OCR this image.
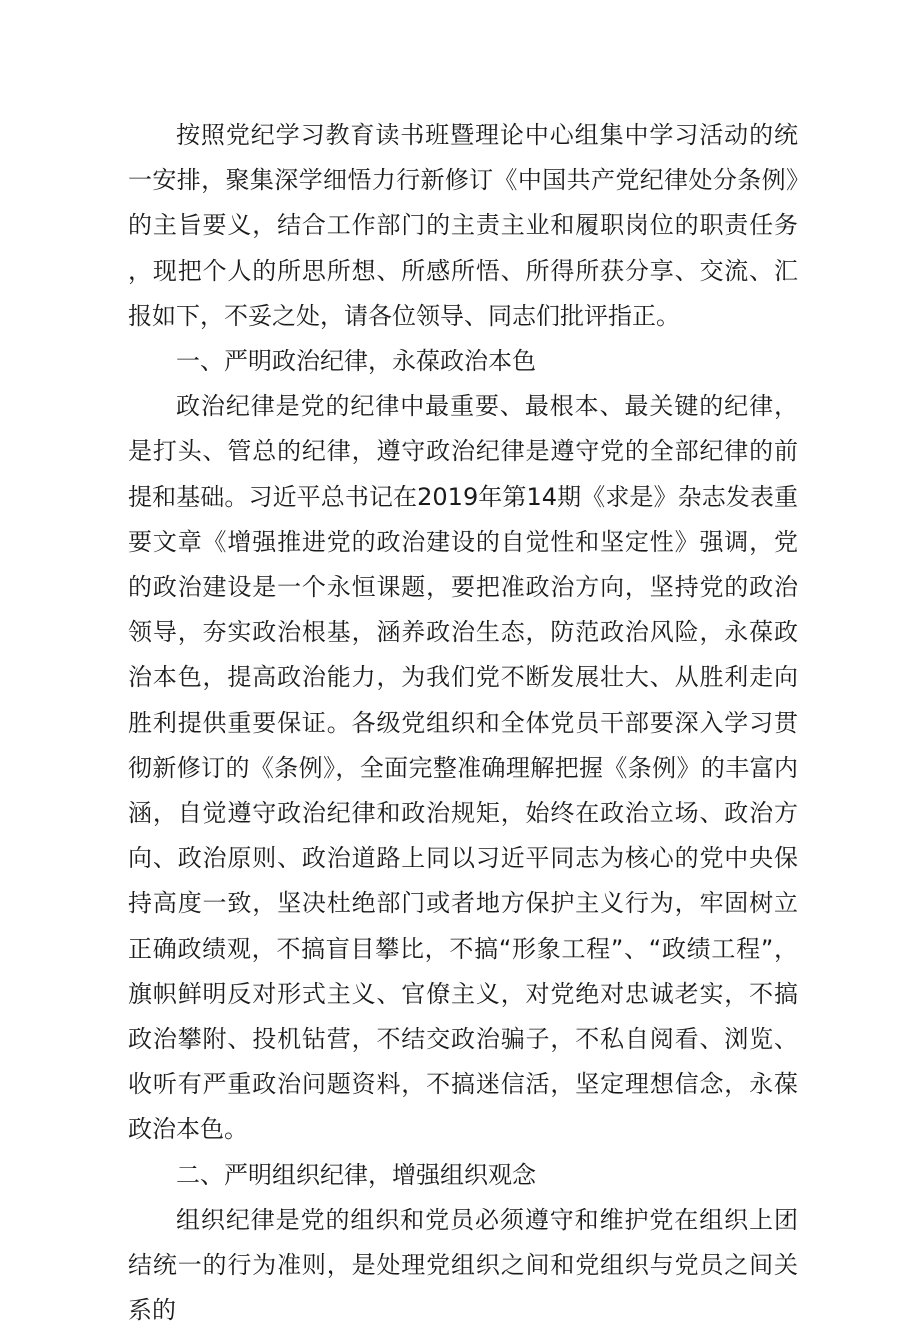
按照党纪学习教育读书班暨理论中心组集中学习活动的统一安排，聚集深学细悟力行新修订《中国共产党纪律处分条例》的主旨要义，结合工作部门的主责主业和履职岗位的职责任务，现把个人的所思所想、所感所悟、所得所获分享、交流、汇报如下，不妥之处，请各位领导、同志们批评指正。

一、严明政治纪律，永葆政治本色

政治纪律是党的纪律中最重要、最根本、最关键的纪律，是打头、管总的纪律，遵守政治纪律是遵守党的全部纪律的前提和基础。习近平总书记在2019年第14期《求是》杂志发表重要文章《增强推进党的政治建设的自觉性和坚定性》强调，党的政治建设是一个永恒课题，要把准政治方向，坚持党的政治领导，夯实政治根基，涵养政治生态，防范政治风险，永葆政治本色，提高政治能力，为我们党不断发展壮大、从胜利走向胜利提供重要保证。各级党组织和全体党员干部要深入学习贯彻新修订的《条例》，全面完整准确理解把握《条例》的丰富内涵，自觉遵守政治纪律和政治规矩，始终在政治立场、政治方向、政治原则、政治道路上同以习近平同志为核心的党中央保持高度一致，坚决杜绝部门或者地方保护主义行为，牢固树立正确政绩观，不搞盲目攀比，不搞“形象工程”、“政绩工程”，旗帜鲜明反对形式主义、官僚主义，对党绝对忠诚老实，不搞政治攀附、投机钻营，不结交政治骗子，不私自阅看、浏览、收听有严重政治问题资料，不搞迷信活，坚定理想信念，永葆政治本色。

二、严明组织纪律，增强组织观念

组织纪律是党的组织和党员必须遵守和维护党在组织上团结统一的行为准则，是处理党组织之间和党组织与党员之间关系的
